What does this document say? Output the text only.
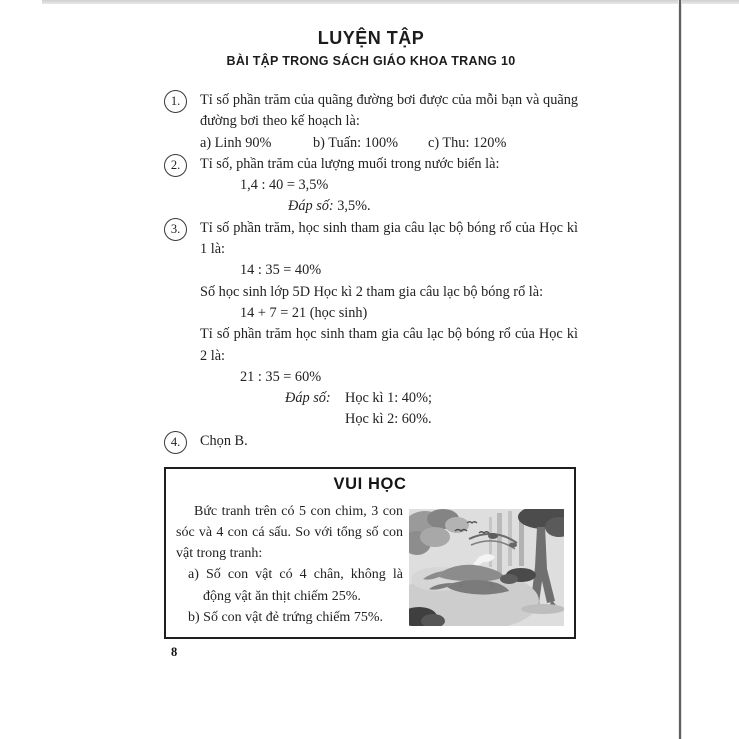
LUYỆN TẬP
BÀI TẬP TRONG SÁCH GIÁO KHOA TRANG 10
1.	Tỉ số phần trăm của quãng đường bơi được của mỗi bạn và quãng đường bơi theo kế hoạch là:
a) Linh 90%	b) Tuấn: 100% c) Thu: 120%
2.	Tỉ số, phần trăm của lượng muối trong nước biển là:
1,4 : 40 = 3,5%
Đáp số: 3,5%.
3.	Tỉ số phần trăm, học sinh tham gia câu lạc bộ bóng rổ của Học kì 1 là:
14 : 35 = 40%
Số học sinh lớp 5D Học kì 2 tham gia câu lạc bộ bóng rổ là:
14 + 7 = 21 (học sinh)
Tỉ số phần trăm học sinh tham gia câu lạc bộ bóng rổ của Học kì 2 là:
21 : 35 = 60%
Đáp số:	Học kì 1: 40%;
Học kì 2: 60%.
4.	Chọn B.
VUI HỌC
Bức tranh trên có 5 con chim, 3 con sóc và 4 con cá sấu. So với tổng số con vật trong tranh:
a) Số con vật có 4 chân, không là động vật ăn thịt chiếm 25%.
b) Số con vật đẻ trứng chiếm 75%.
8
